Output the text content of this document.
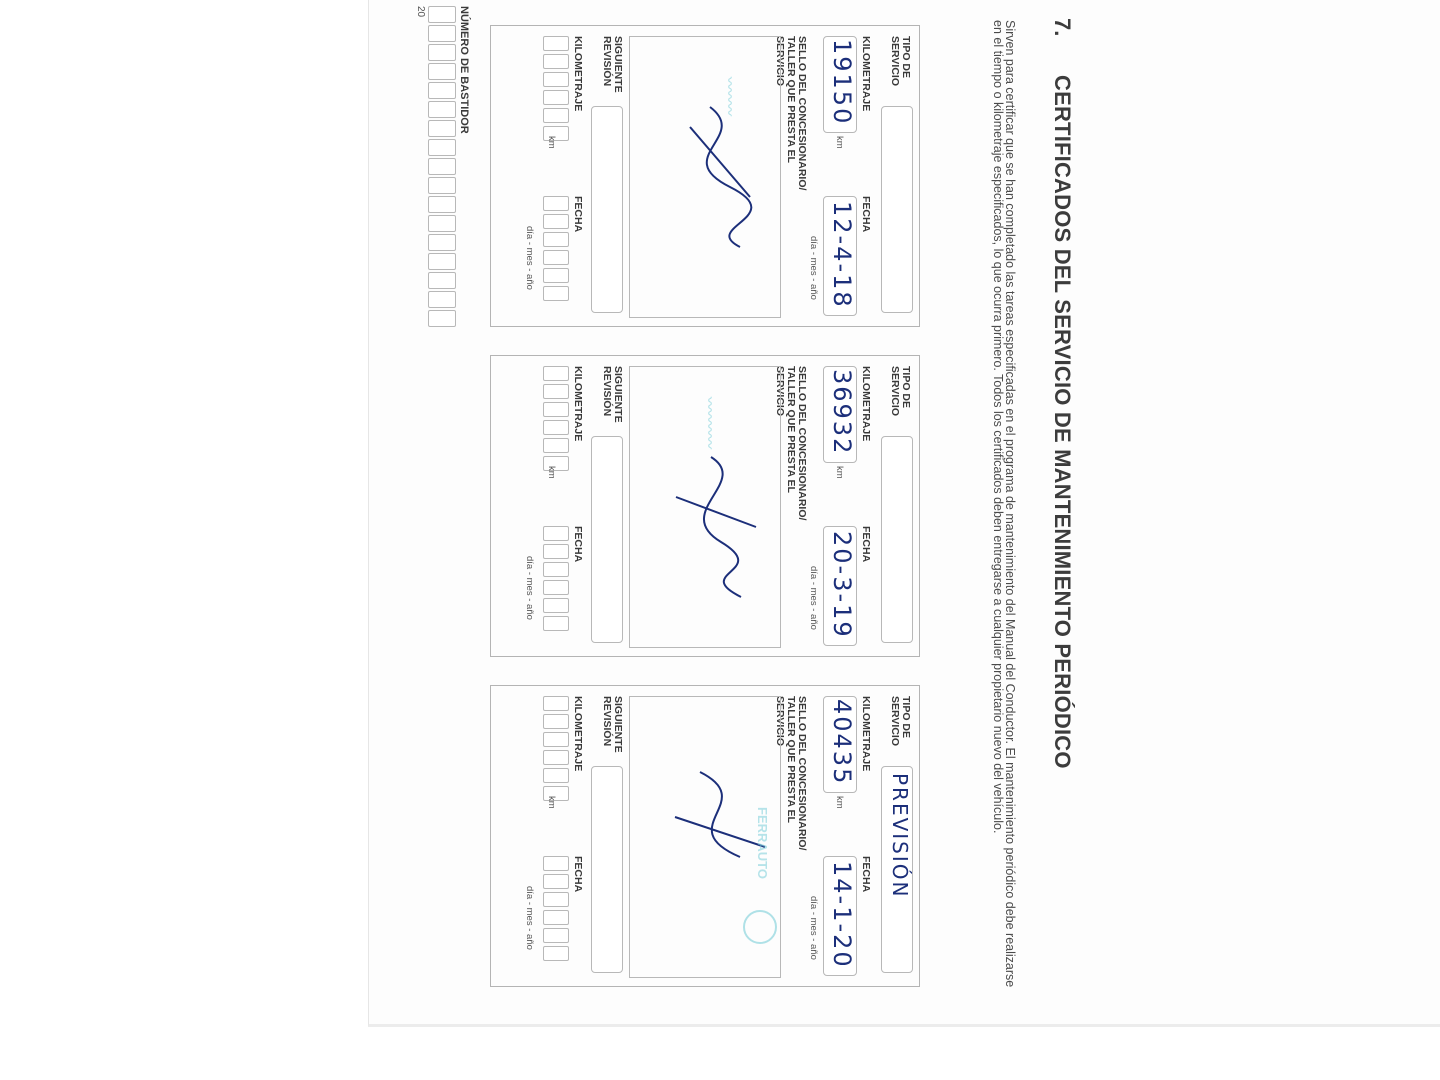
7.
CERTIFICADOS DEL SERVICIO DE MANTENIMIENTO PERIÓDICO
Sirven para certificar que se han completado las tareas especificadas en el programa de mantenimiento del Manual del Conductor. El mantenimiento periódico debe realizarse en el tiempo o kilometraje especificados, lo que ocurra primero. Todos los certificados deben entregarse a cualquier propietario nuevo del vehículo.
TIPO DE SERVICIO
KILOMETRAJE
19150
km
FECHA
12-4-18
día - mes - año
SELLO DEL CONCESIONARIO/ TALLER QUE PRESTA EL SERVICIO
〰〰〰
SIGUIENTE REVISIÓN
KILOMETRAJE
km
FECHA
día - mes - año
TIPO DE SERVICIO
KILOMETRAJE
36932
km
FECHA
20-3-19
día - mes - año
SELLO DEL CONCESIONARIO/ TALLER QUE PRESTA EL SERVICIO
〰〰〰〰
SIGUIENTE REVISIÓN
KILOMETRAJE
km
FECHA
día - mes - año
TIPO DE SERVICIO
PREVISIÓN
KILOMETRAJE
40435
km
FECHA
14-1-20
día - mes - año
SELLO DEL CONCESIONARIO/ TALLER QUE PRESTA EL SERVICIO
FERRAUTO
SIGUIENTE REVISIÓN
KILOMETRAJE
km
FECHA
día - mes - año
NÚMERO DE BASTIDOR
20
